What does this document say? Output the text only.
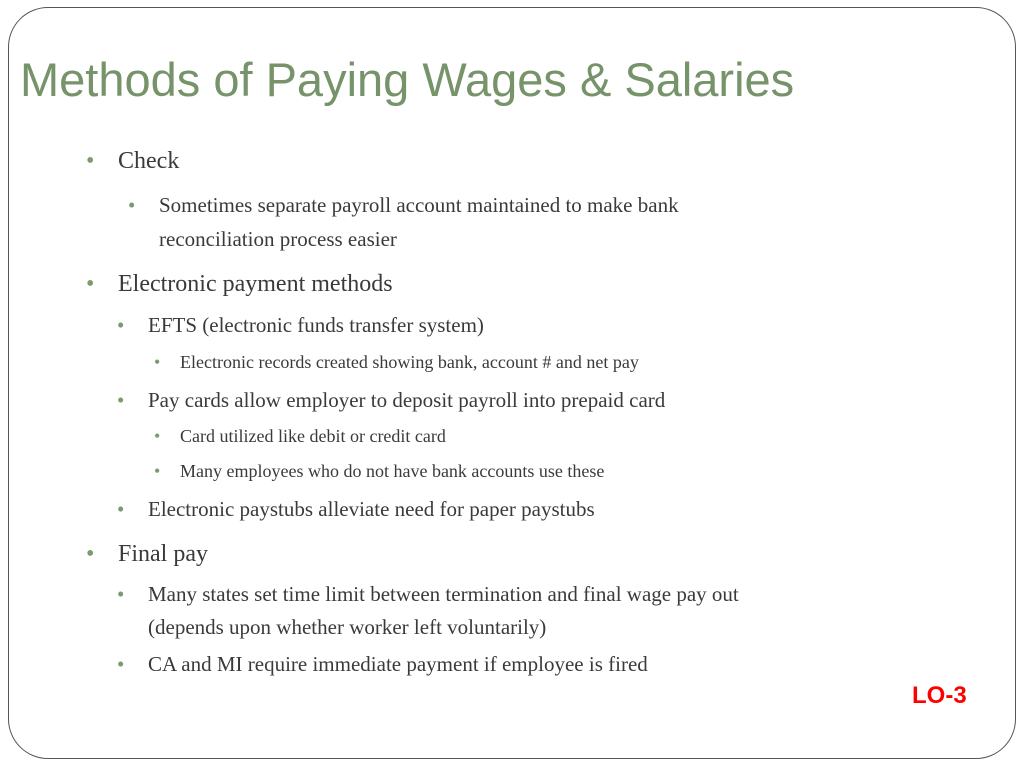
Methods of Paying Wages & Salaries
• Check
• Sometimes separate payroll account maintained to make bank
reconciliation process easier
• Electronic payment methods
• EFTS (electronic funds transfer system)
• Electronic records created showing bank, account # and net pay
• Pay cards allow employer to deposit payroll into prepaid card
• Card utilized like debit or credit card
• Many employees who do not have bank accounts use these
• Electronic paystubs alleviate need for paper paystubs
• Final pay
• Many states set time limit between termination and final wage pay out
(depends upon whether worker left voluntarily)
• CA and MI require immediate payment if employee is fired
LO-3
